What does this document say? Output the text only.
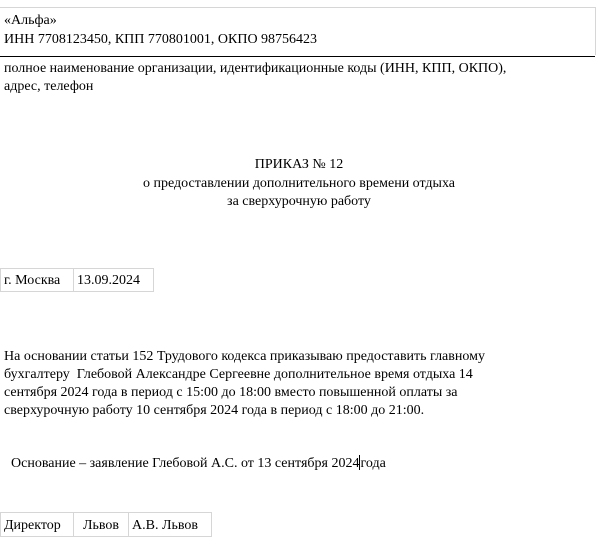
«Альфа»
ИНН 7708123450, КПП 770801001, ОКПО 98756423
полное наименование организации, идентификационные коды (ИНН, КПП, ОКПО),
адрес, телефон
ПРИКАЗ № 12
о предоставлении дополнительного времени отдыха
за сверхурочную работу
г. Москва	13.09.2024
На основании статьи 152 Трудового кодекса приказываю предоставить главному
бухгалтеру  Глебовой Александре Сергеевне дополнительное время отдыха 14
сентября 2024 года в период с 15:00 до 18:00 вместо повышенной оплаты за
сверхурочную работу 10 сентября 2024 года в период с 18:00 до 21:00.

Основание – заявление Глебовой А.С. от 13 сентября 2024года

Директор	Львов А.В. Львов
